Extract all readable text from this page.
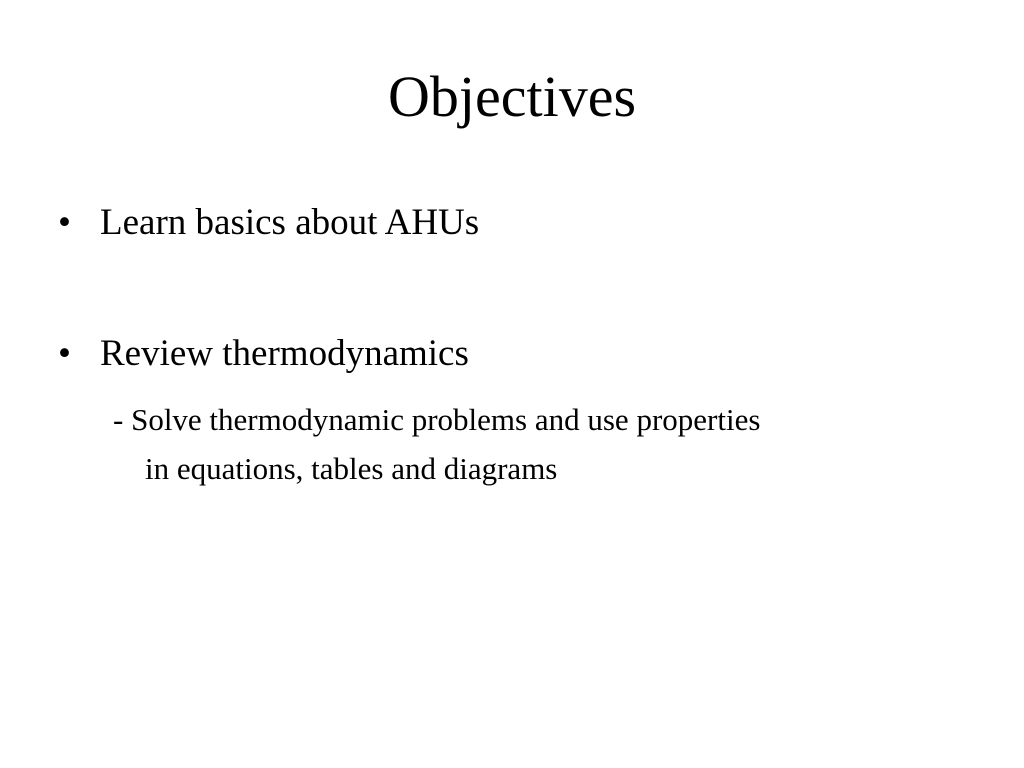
Objectives
• Learn basics about AHUs
• Review thermodynamics
- Solve thermodynamic problems and use properties
in equations, tables and diagrams
